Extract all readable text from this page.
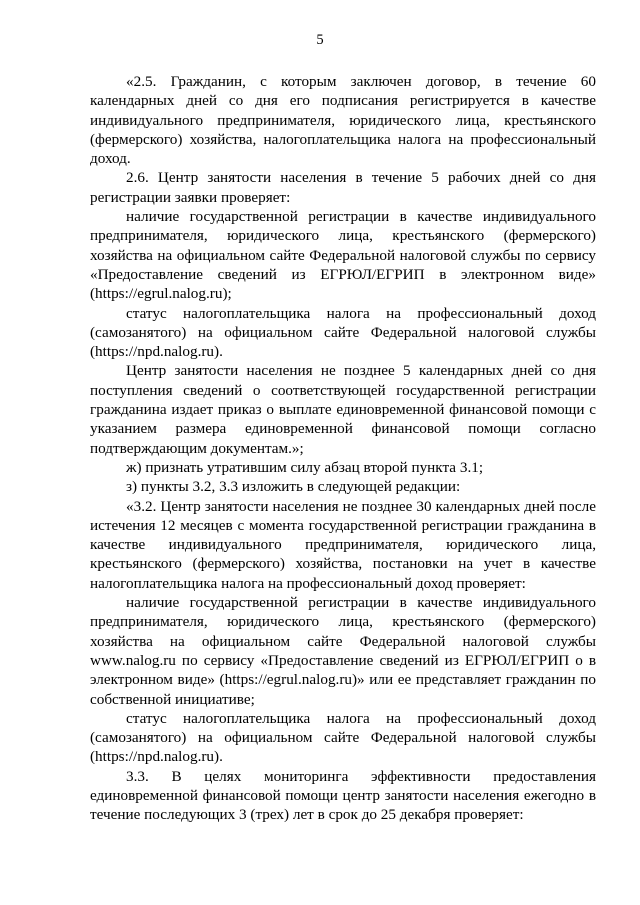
5

«2.5. Гражданин, с которым заключен договор, в течение 60 календарных дней со дня его подписания регистрируется в качестве индивидуального предпринимателя, юридического лица, крестьянского (фермерского) хозяйства, налогоплательщика налога на профессиональный доход.

2.6. Центр занятости населения в течение 5 рабочих дней со дня регистрации заявки проверяет:

наличие государственной регистрации в качестве индивидуального предпринимателя, юридического лица, крестьянского (фермерского) хозяйства на официальном сайте Федеральной налоговой службы по сервису «Предоставление сведений из ЕГРЮЛ/ЕГРИП в электронном виде» (https://egrul.nalog.ru);

статус налогоплательщика налога на профессиональный доход (самозанятого) на официальном сайте Федеральной налоговой службы (https://npd.nalog.ru).

Центр занятости населения не позднее 5 календарных дней со дня поступления сведений о соответствующей государственной регистрации гражданина издает приказ о выплате единовременной финансовой помощи с указанием размера единовременной финансовой помощи согласно подтверждающим документам.»;

ж) признать утратившим силу абзац второй пункта 3.1;

з) пункты 3.2, 3.3 изложить в следующей редакции:

«3.2. Центр занятости населения не позднее 30 календарных дней после истечения 12 месяцев с момента государственной регистрации гражданина в качестве индивидуального предпринимателя, юридического лица, крестьянского (фермерского) хозяйства, постановки на учет в качестве налогоплательщика налога на профессиональный доход проверяет:

наличие государственной регистрации в качестве индивидуального предпринимателя, юридического лица, крестьянского (фермерского) хозяйства на официальном сайте Федеральной налоговой службы www.nalog.ru по сервису «Предоставление сведений из ЕГРЮЛ/ЕГРИП о в электронном виде» (https://egrul.nalog.ru)» или ее представляет гражданин по собственной инициативе;

статус налогоплательщика налога на профессиональный доход (самозанятого) на официальном сайте Федеральной налоговой службы (https://npd.nalog.ru).

3.3. В целях мониторинга эффективности предоставления единовременной финансовой помощи центр занятости населения ежегодно в течение последующих 3 (трех) лет в срок до 25 декабря проверяет:
